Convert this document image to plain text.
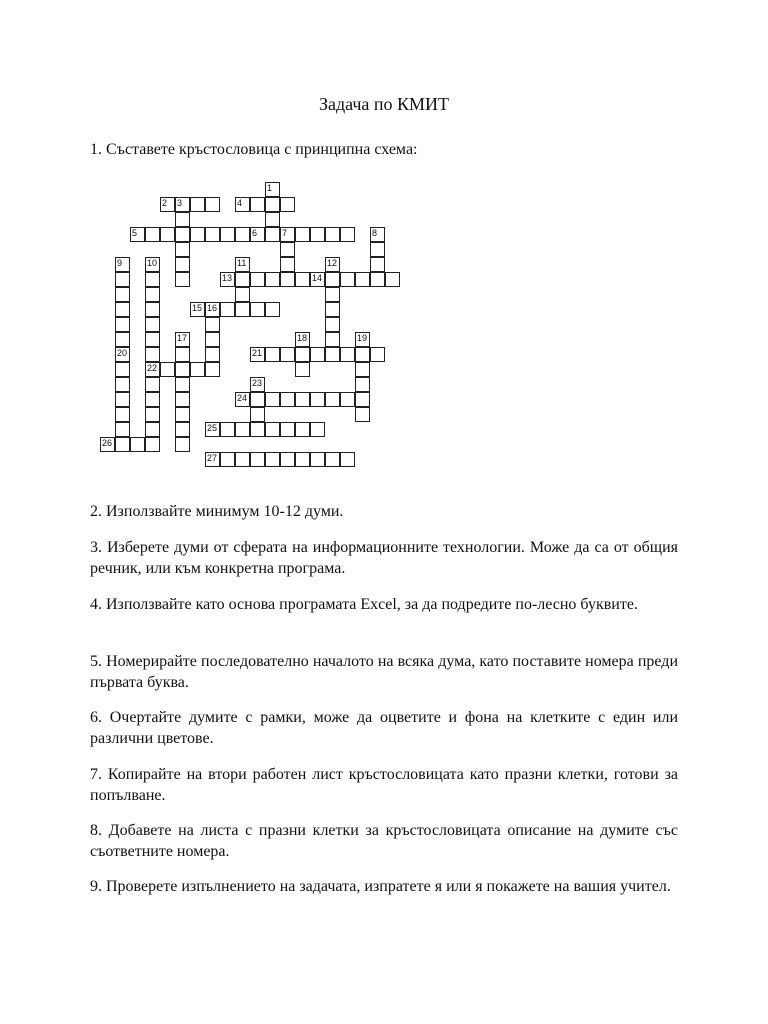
Задача по КМИТ
1. Съставете кръстословица с принципна схема:
1
2 3	4
5	6	7	8
9	10	11	12
13	14
15 16
17	18	19
20	21
22
23
24
25
26
27
2. Използвайте минимум 10-12 думи.
3. Изберете думи от сферата на информационните технологии. Може да са от общия речник, или към конкретна програма.
4. Използвайте като основа програмата Excel, за да подредите по-лесно буквите.
5. Номерирайте последователно началото на всяка дума, като поставите номера преди първата буква.
6. Очертайте думите с рамки, може да оцветите и фона на клетките с един или различни цветове.
7. Копирайте на втори работен лист кръстословицата като празни клетки, готови за попълване.
8. Добавете на листа с празни клетки за кръстословицата описание на думите със съответните номера.
9. Проверете изпълнението на задачата, изпратете я или я покажете на вашия учител.
